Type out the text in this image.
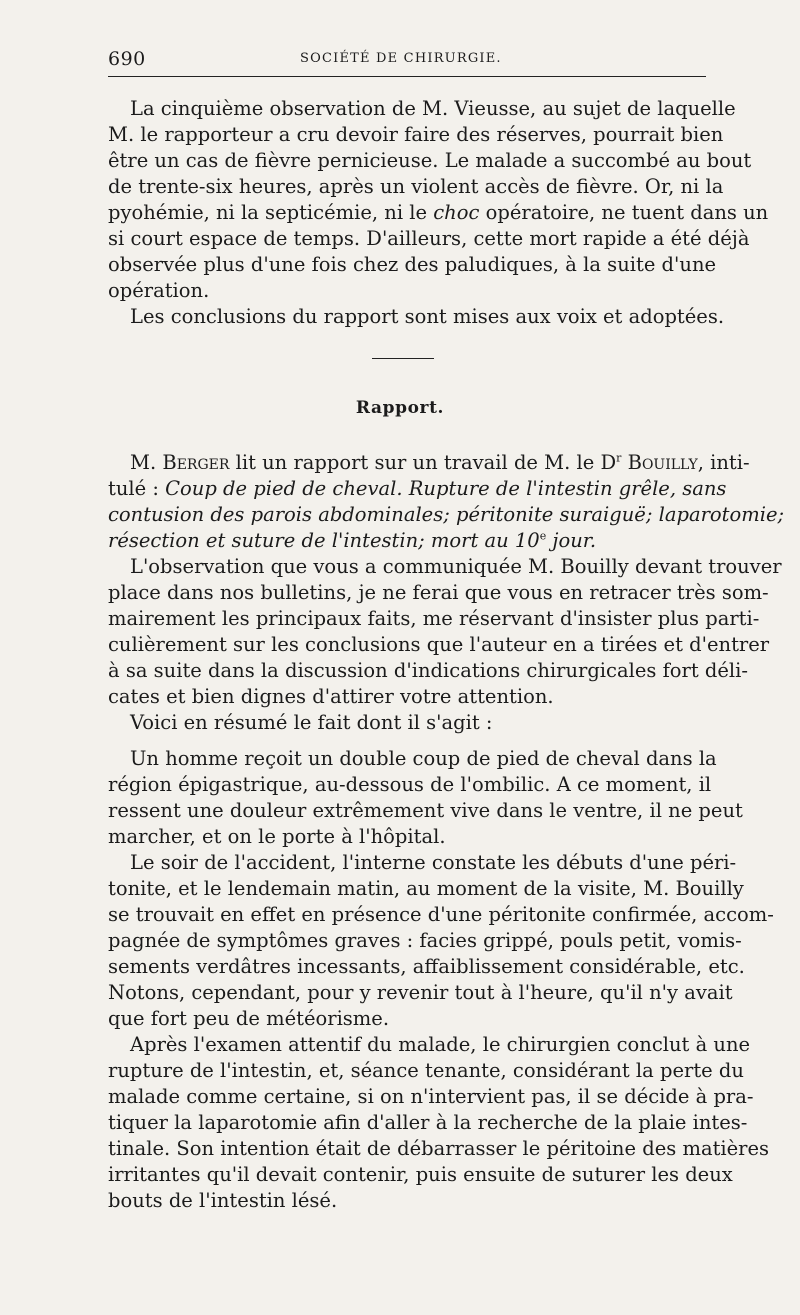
690	SOCIÉTÉ DE CHIRURGIE.
La cinquième observation de M. Vieusse, au sujet de laquelle
M. le rapporteur a cru devoir faire des réserves, pourrait bien
être un cas de fièvre pernicieuse. Le malade a succombé au bout
de trente-six heures, après un violent accès de fièvre. Or, ni la
pyohémie, ni la septicémie, ni le choc opératoire, ne tuent dans un
si court espace de temps. D'ailleurs, cette mort rapide a été déjà
observée plus d'une fois chez des paludiques, à la suite d'une
opération.
Les conclusions du rapport sont mises aux voix et adoptées.
Rapport.
M. Berger lit un rapport sur un travail de M. le $D^r$ Bouilly, inti-
tulé : Coup de pied de cheval. Rupture de l'intestin grêle, sans
contusion des parois abdominales; péritonite suraiguë; laparotomie;
résection et suture de l'intestin; mort au 10e jour.
L'observation que vous a communiquée M. Bouilly devant trouver
place dans nos bulletins, je ne ferai que vous en retracer très som-
mairement les principaux faits, me réservant d'insister plus parti-
culièrement sur les conclusions que l'auteur en a tirées et d'entrer
à sa suite dans la discussion d'indications chirurgicales fort déli-
cates et bien dignes d'attirer votre attention.
Voici en résumé le fait dont il s'agit :
Un homme reçoit un double coup de pied de cheval dans la
région épigastrique, au-dessous de l'ombilic. A ce moment, il
ressent une douleur extrêmement vive dans le ventre, il ne peut
marcher, et on le porte à l'hôpital.
Le soir de l'accident, l'interne constate les débuts d'une péri-
tonite, et le lendemain matin, au moment de la visite, M. Bouilly
se trouvait en effet en présence d'une péritonite confirmée, accom-
pagnée de symptômes graves : facies grippé, pouls petit, vomis-
sements verdâtres incessants, affaiblissement considérable, etc.
Notons, cependant, pour y revenir tout à l'heure, qu'il n'y avait
que fort peu de météorisme.
Après l'examen attentif du malade, le chirurgien conclut à une
rupture de l'intestin, et, séance tenante, considérant la perte du
malade comme certaine, si on n'intervient pas, il se décide à pra-
tiquer la laparotomie afin d'aller à la recherche de la plaie intes-
tinale. Son intention était de débarrasser le péritoine des matières
irritantes qu'il devait contenir, puis ensuite de suturer les deux
bouts de l'intestin lésé.
